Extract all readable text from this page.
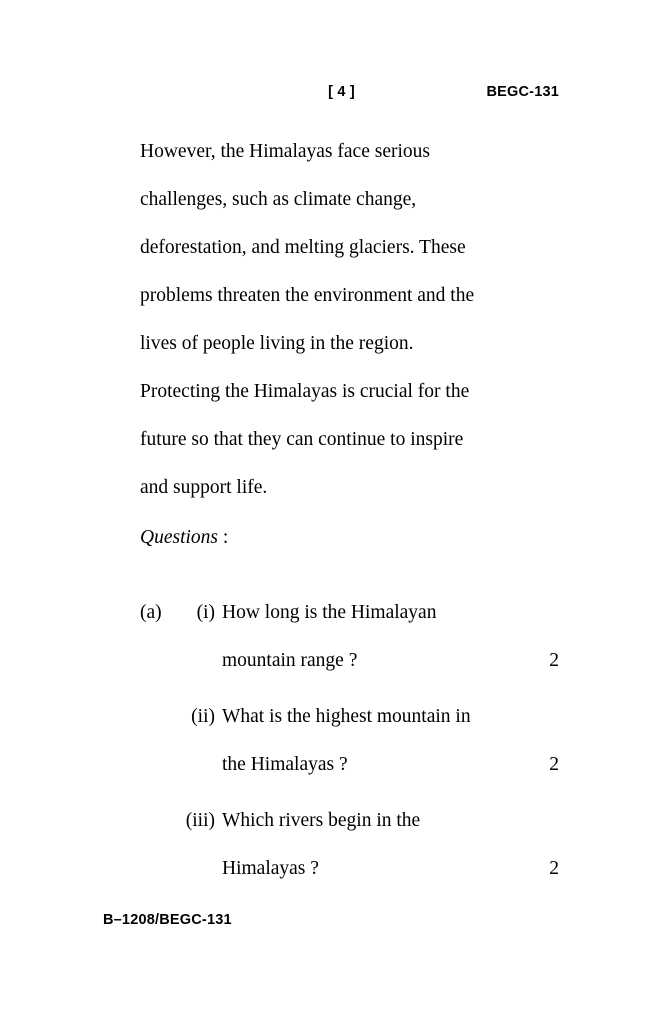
[ 4 ]	BEGC-131
However, the Himalayas face serious
challenges, such as climate change,
deforestation, and melting glaciers. These
problems threaten the environment and the
lives of people living in the region.
Protecting the Himalayas is crucial for the
future so that they can continue to inspire
and support life.
Questions :
(a)	(i) How long is the Himalayan
mountain range ?	2
(ii) What is the highest mountain in
the Himalayas ?	2
(iii) Which rivers begin in the
Himalayas ?	2
B–1208/BEGC-131
